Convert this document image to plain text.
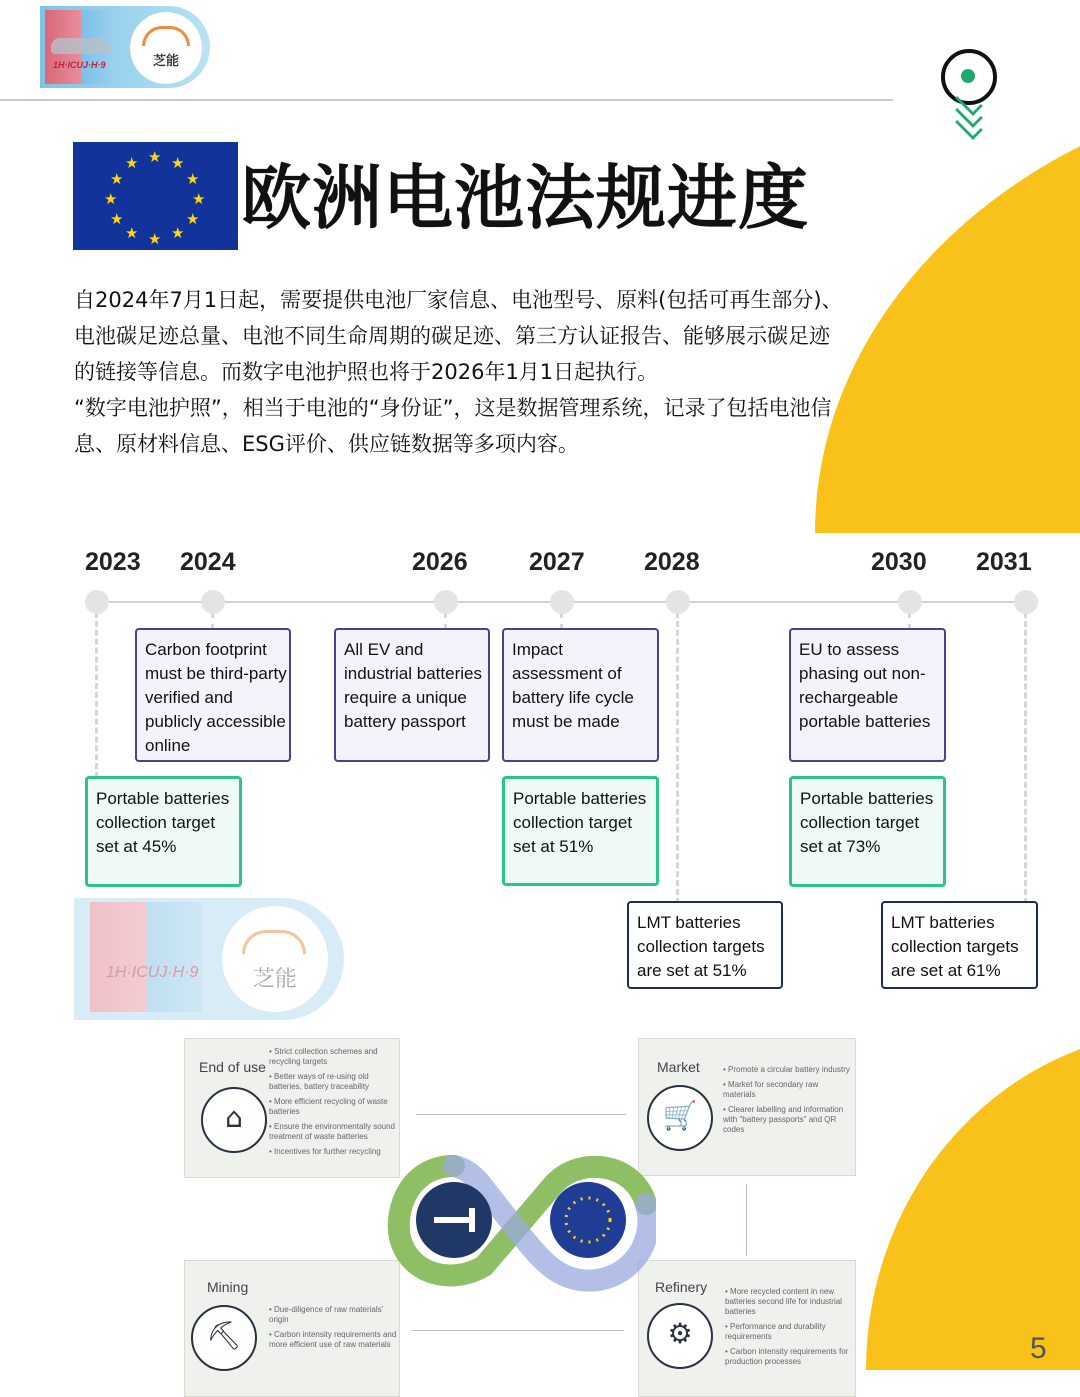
1H·ICUJ·H·9	芝能
★ ★
★
★
★
★
★
★
★
★
★
★ 欧洲电池法规进度

自2024年7月1日起，需要提供电池厂家信息、电池型号、原料(包括可再生部分)、

电池碳足迹总量、电池不同生命周期的碳足迹、第三方认证报告、能够展示碳足迹

的链接等信息。而数字电池护照也将于2026年1月1日起执行。

“数字电池护照”，相当于电池的“身份证”，这是数据管理系统，记录了包括电池信

息、原材料信息、ESG评价、供应链数据等多项内容。

2023 2024	2026 2027 2028	2030 2031
Carbon footprint must be third-party verified and publicly accessible online
All EV and industrial batteries require a unique battery passport
Impact assessment of battery life cycle must be made
EU to assess phasing out non-rechargeable portable batteries
Portable batteries collection target set at 45%
Portable batteries collection target set at 51%
Portable batteries collection target set at 73%
LMT batteries collection targets are set at 51%
LMT batteries collection targets are set at 61%
1H·ICUJ·H·9	芝能
End of use
⌂
• Strict collection schemes and recycling targets
• Better ways of re-using old batteries, battery traceability
• More efficient recycling of waste batteries
• Ensure the environmentally sound treatment of waste batteries
• Incentives for further recycling
Market
🛒
• Promote a circular battery industry
• Market for secondary raw materials
• Clearer labelling and information with "battery passports" and QR codes
Mining
⛏
• Due-diligence of raw materials' origin
• Carbon intensity requirements and more efficient use of raw materials
Refinery
⚙
• More recycled content in new batteries second life for industrial batteries
• Performance and durability requirements
• Carbon intensity requirements for production processes	5
